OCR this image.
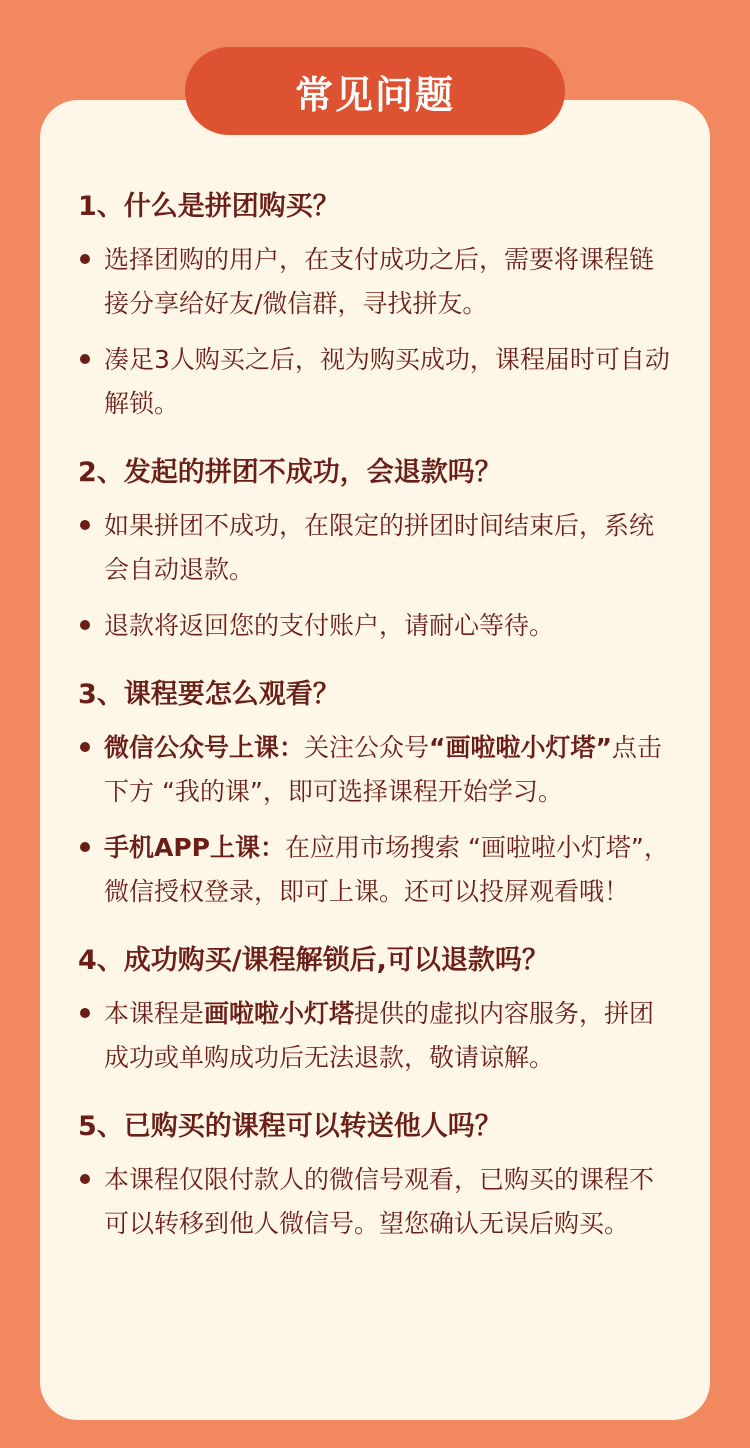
常见问题
1、什么是拼团购买？
选择团购的用户，在支付成功之后，需要将课程链接分享给好友/微信群，寻找拼友。
凑足3人购买之后，视为购买成功，课程届时可自动解锁。
2、发起的拼团不成功，会退款吗？
如果拼团不成功，在限定的拼团时间结束后，系统会自动退款。
退款将返回您的支付账户，请耐心等待。
3、课程要怎么观看？
微信公众号上课：关注公众号“画啦啦小灯塔”点击下方 “我的课”，即可选择课程开始学习。
手机APP上课：在应用市场搜索 “画啦啦小灯塔”，微信授权登录，即可上课。还可以投屏观看哦！
4、成功购买/课程解锁后,可以退款吗？
本课程是画啦啦小灯塔提供的虚拟内容服务，拼团成功或单购成功后无法退款，敬请谅解。
5、已购买的课程可以转送他人吗？
本课程仅限付款人的微信号观看，已购买的课程不可以转移到他人微信号。望您确认无误后购买。
